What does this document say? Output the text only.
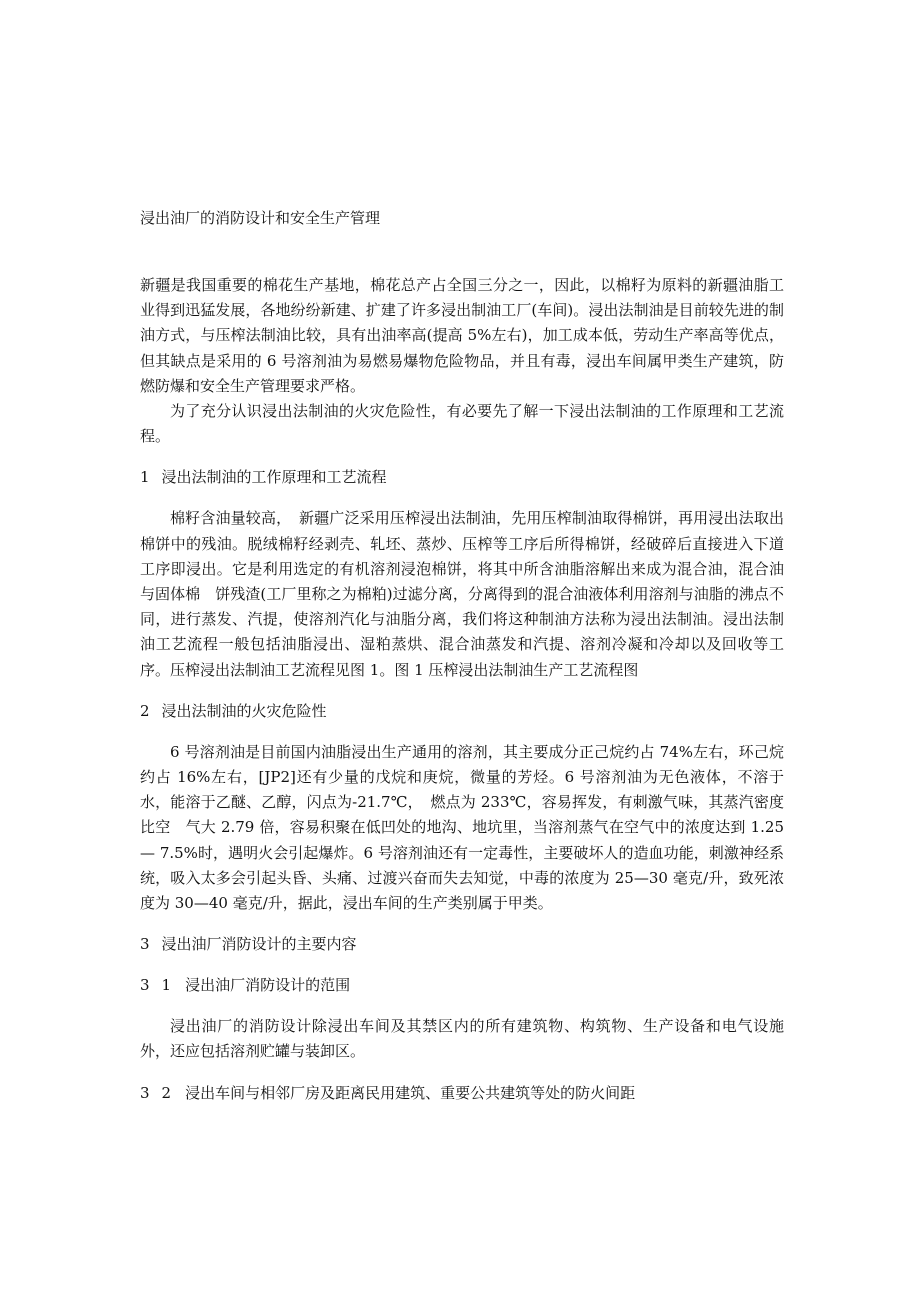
浸出油厂的消防设计和安全生产管理

新疆是我国重要的棉花生产基地，棉花总产占全国三分之一，因此，以棉籽为原料的新疆油脂工业得到迅猛发展，各地纷纷新建、扩建了许多浸出制油工厂(车间)。浸出法制油是目前较先进的制油方式，与压榨法制油比较，具有出油率高(提高 5%左右)，加工成本低，劳动生产率高等优点，但其缺点是采用的 6 号溶剂油为易燃易爆物危险物品，并且有毒，浸出车间属甲类生产建筑，防燃防爆和安全生产管理要求严格。

为了充分认识浸出法制油的火灾危险性，有必要先了解一下浸出法制油的工作原理和工艺流程。

1 浸出法制油的工作原理和工艺流程

棉籽含油量较高，　新疆广泛采用压榨浸出法制油，先用压榨制油取得棉饼，再用浸出法取出棉饼中的残油。脱绒棉籽经剥壳、轧坯、蒸炒、压榨等工序后所得棉饼，经破碎后直接进入下道工序即浸出。它是利用选定的有机溶剂浸泡棉饼，将其中所含油脂溶解出来成为混合油，混合油与固体棉　饼残渣(工厂里称之为棉粕)过滤分离，分离得到的混合油液体利用溶剂与油脂的沸点不同，进行蒸发、汽提，使溶剂汽化与油脂分离，我们将这种制油方法称为浸出法制油。浸出法制油工艺流程一般包括油脂浸出、湿粕蒸烘、混合油蒸发和汽提、溶剂冷凝和冷却以及回收等工序。压榨浸出法制油工艺流程见图 1。图 1 压榨浸出法制油生产工艺流程图

2 浸出法制油的火灾危险性

6 号溶剂油是目前国内油脂浸出生产通用的溶剂，其主要成分正己烷约占 74%左右，环己烷约占 16%左右，[JP2]还有少量的戊烷和庚烷，微量的芳烃。6 号溶剂油为无色液体，不溶于水，能溶于乙醚、乙醇，闪点为-21.7℃，　燃点为 233℃，容易挥发，有刺激气味，其蒸汽密度比空　气大 2.79 倍，容易积聚在低凹处的地沟、地坑里，当溶剂蒸气在空气中的浓度达到 1.25— 7.5%时，遇明火会引起爆炸。6 号溶剂油还有一定毒性，主要破坏人的造血功能，刺激神经系统，吸入太多会引起头昏、头痛、过渡兴奋而失去知觉，中毒的浓度为 25—30 毫克/升，致死浓度为 30—40 毫克/升，据此，浸出车间的生产类别属于甲类。

3 浸出油厂消防设计的主要内容

3 1 浸出油厂消防设计的范围

浸出油厂的消防设计除浸出车间及其禁区内的所有建筑物、构筑物、生产设备和电气设施外，还应包括溶剂贮罐与装卸区。

3 2 浸出车间与相邻厂房及距离民用建筑、重要公共建筑等处的防火间距
